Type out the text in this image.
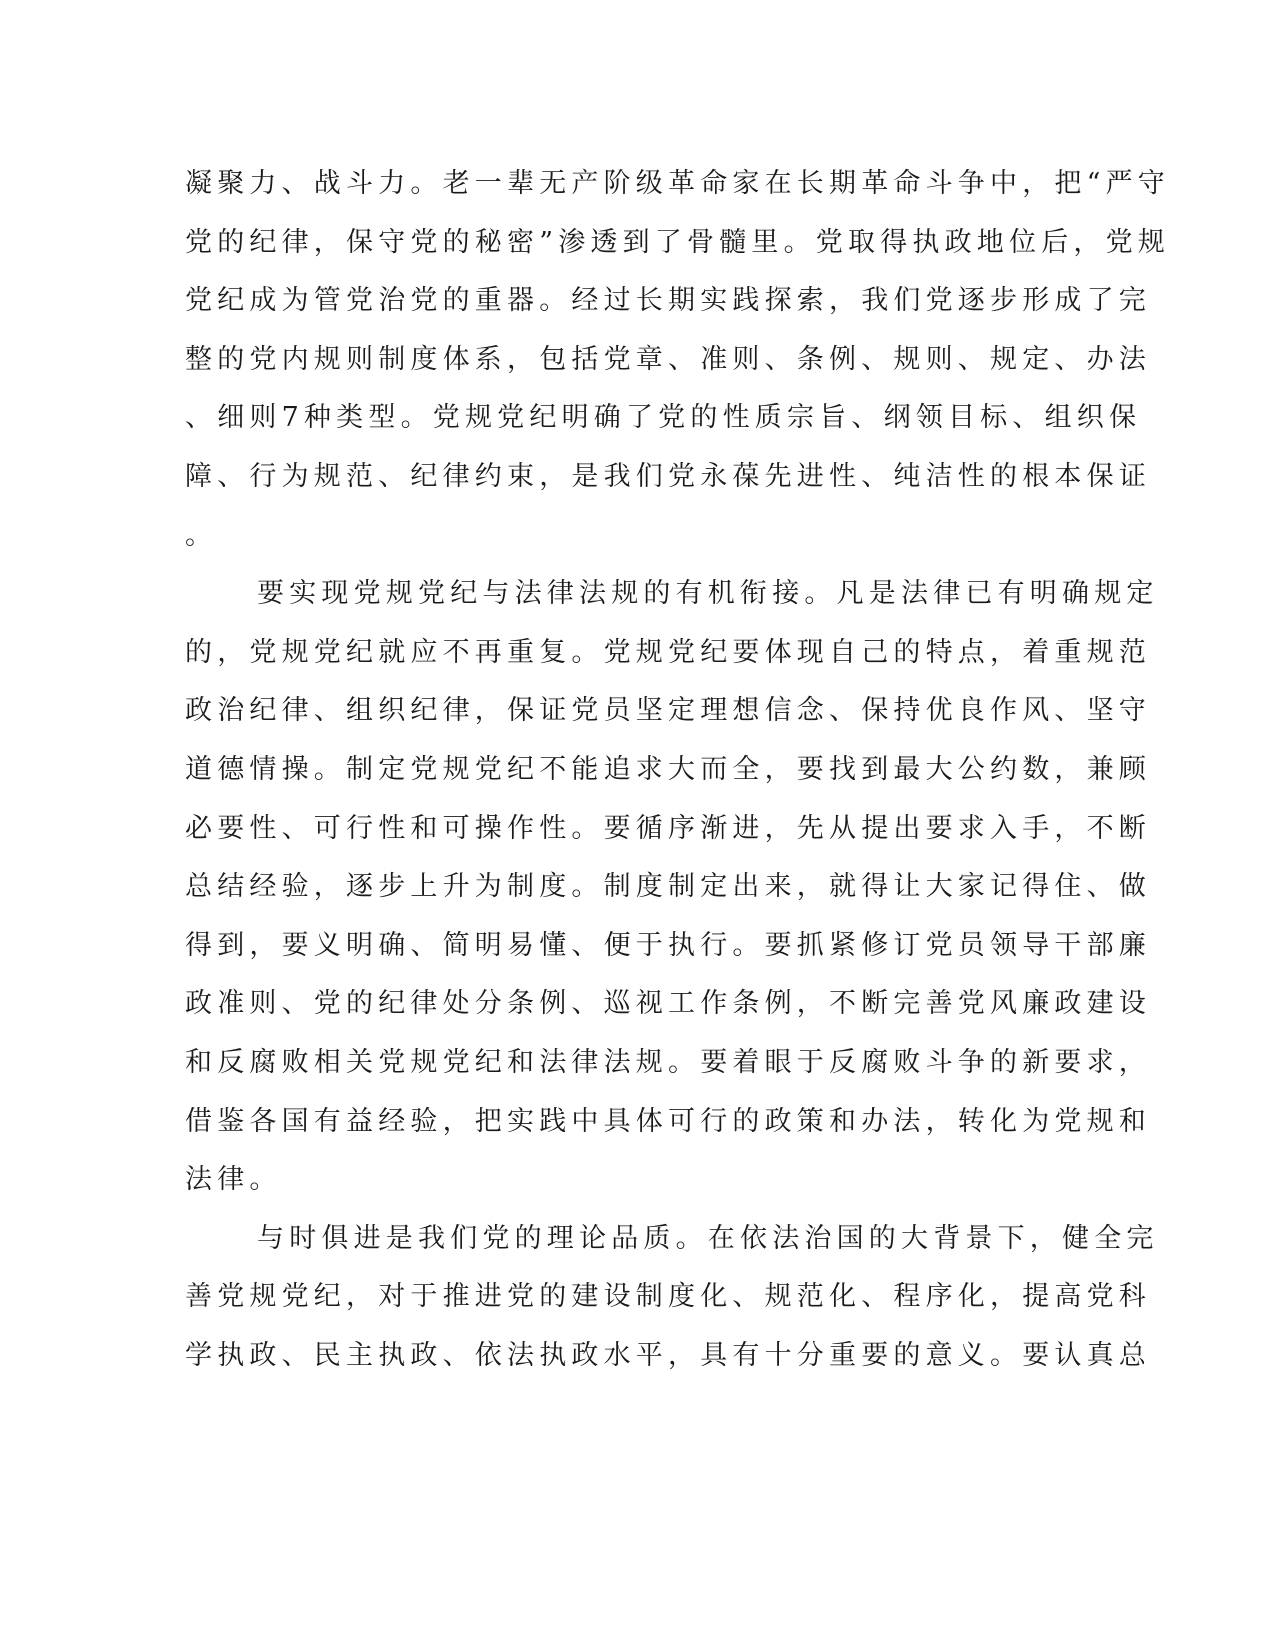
凝聚力、战斗力。老一辈无产阶级革命家在长期革命斗争中，把“严守
党的纪律，保守党的秘密”渗透到了骨髓里。党取得执政地位后，党规
党纪成为管党治党的重器。经过长期实践探索，我们党逐步形成了完
整的党内规则制度体系，包括党章、准则、条例、规则、规定、办法
、细则7种类型。党规党纪明确了党的性质宗旨、纲领目标、组织保
障、行为规范、纪律约束，是我们党永葆先进性、纯洁性的根本保证
。
要实现党规党纪与法律法规的有机衔接。凡是法律已有明确规定
的，党规党纪就应不再重复。党规党纪要体现自己的特点，着重规范
政治纪律、组织纪律，保证党员坚定理想信念、保持优良作风、坚守
道德情操。制定党规党纪不能追求大而全，要找到最大公约数，兼顾
必要性、可行性和可操作性。要循序渐进，先从提出要求入手，不断
总结经验，逐步上升为制度。制度制定出来，就得让大家记得住、做
得到，要义明确、简明易懂、便于执行。要抓紧修订党员领导干部廉
政准则、党的纪律处分条例、巡视工作条例，不断完善党风廉政建设
和反腐败相关党规党纪和法律法规。要着眼于反腐败斗争的新要求，
借鉴各国有益经验，把实践中具体可行的政策和办法，转化为党规和
法律。
与时俱进是我们党的理论品质。在依法治国的大背景下，健全完
善党规党纪，对于推进党的建设制度化、规范化、程序化，提高党科
学执政、民主执政、依法执政水平，具有十分重要的意义。要认真总
